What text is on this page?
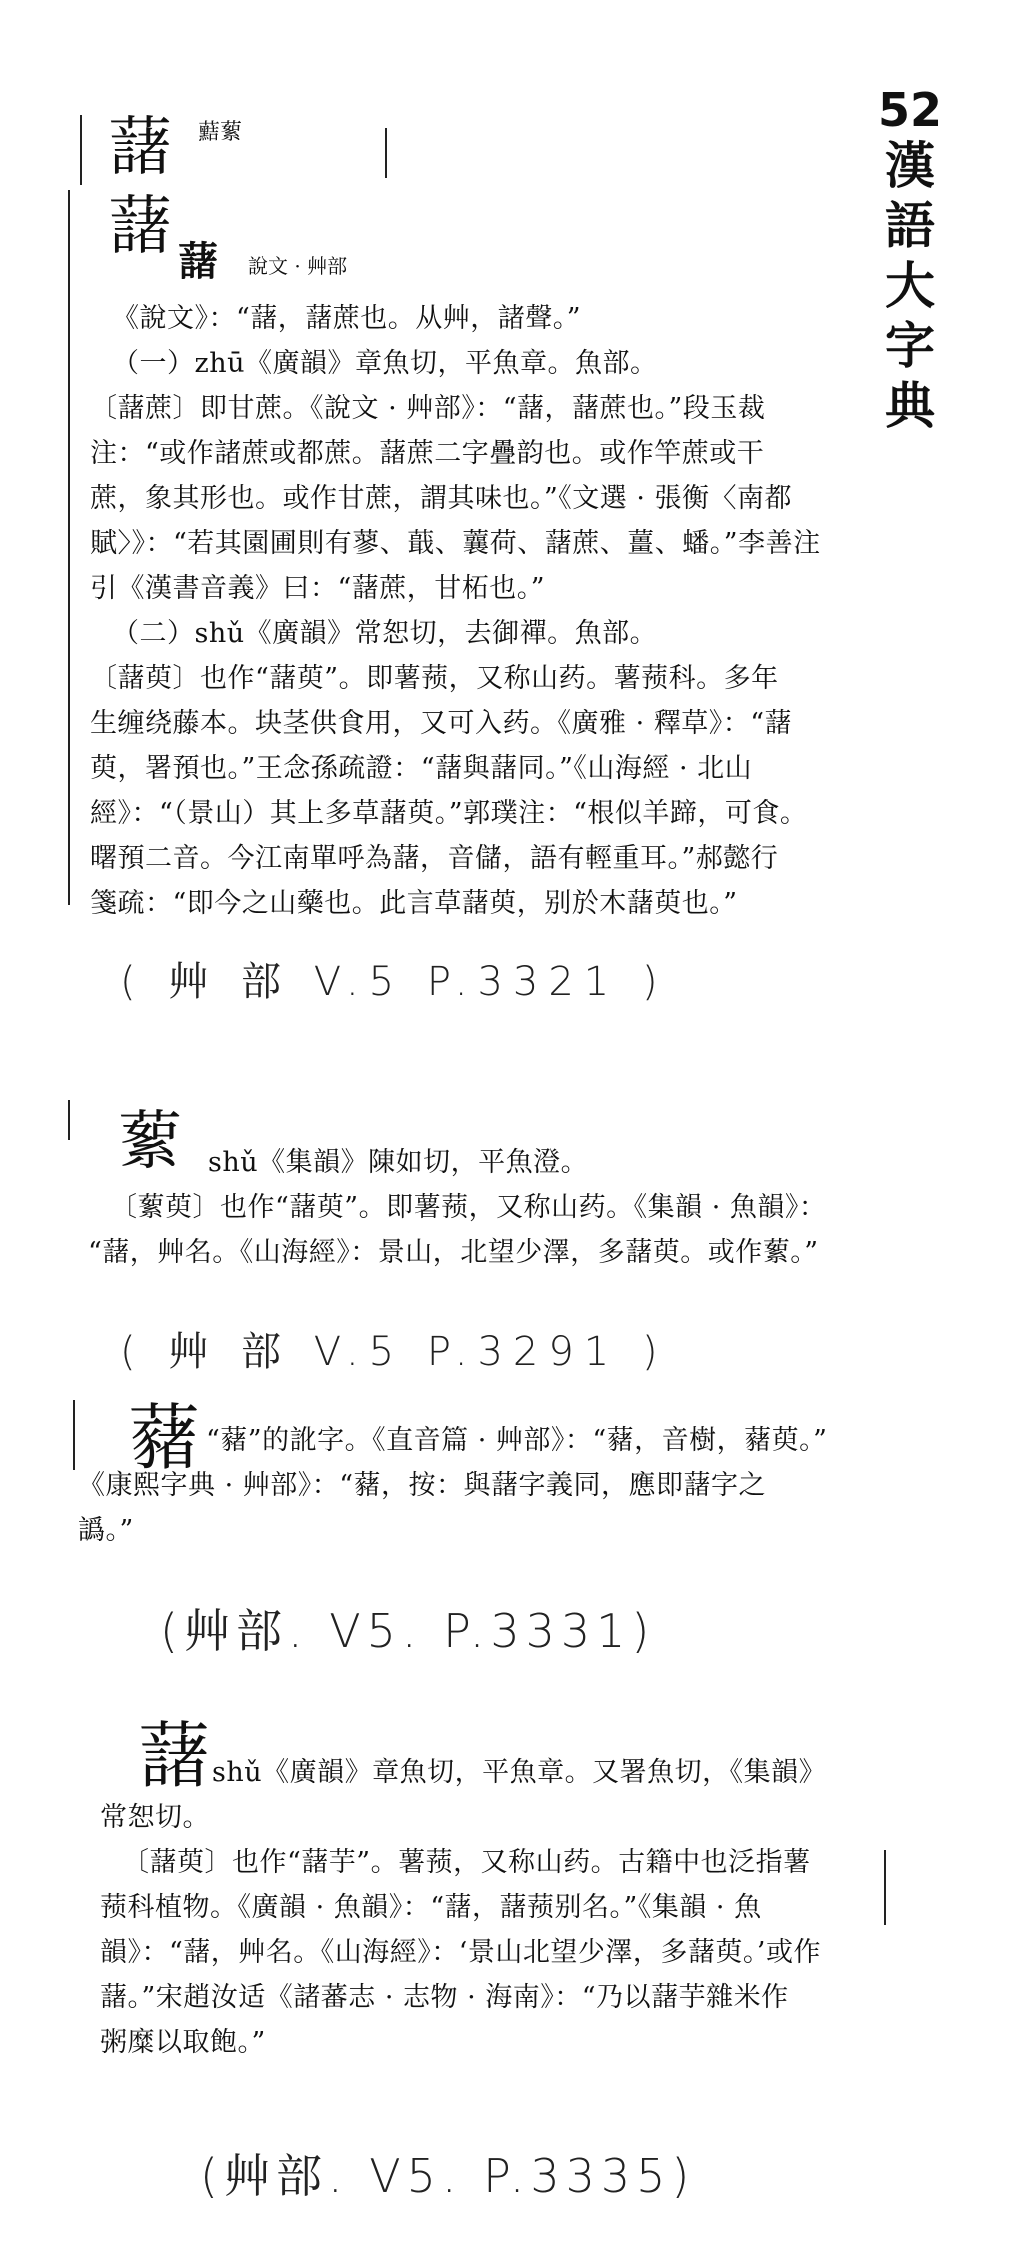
52
漢
語
大
字
典
藷 䕸蕠
藷 藷 說文 · 艸部
《說文》：“藷，藷蔗也。从艸，諸聲。”
（一）zhū《廣韻》章魚切，平魚章。魚部。
〔藷蔗〕即甘蔗。《說文 · 艸部》：“藷，藷蔗也。”段玉裁
注：“或作諸蔗或都蔗。藷蔗二字疊韵也。或作竿蔗或干
蔗，象其形也。或作甘蔗，謂其味也。”《文選 · 張衡〈南都
賦〉》：“若其園圃則有蓼、蕺、蘘荷、藷蔗、薑、蟠。”李善注
引《漢書音義》曰：“藷蔗，甘柘也。”
（二）shǔ《廣韻》常恕切，去御禪。魚部。
〔藷萸〕也作“藷萸”。即薯蓣，又称山药。薯蓣科。多年
生缠绕藤本。块茎供食用，又可入药。《廣雅 · 釋草》：“藷
萸，署預也。”王念孫疏證：“藷與藷同。”《山海經 · 北山
經》：“（景山）其上多草藷萸。”郭璞注：“根似羊蹄，可食。
曙預二音。今江南單呼為藷，音儲，語有輕重耳。”郝懿行
箋疏：“即今之山藥也。此言草藷萸，别於木藷萸也。”
( 艸 部 V.5 P.3321 )
蕠 shǔ《集韻》陳如切，平魚澄。
〔蕠萸〕也作“藷萸”。即薯蓣，又称山药。《集韻 · 魚韻》：
“藷，艸名。《山海經》：景山，北望少澤，多藷萸。或作蕠。”
( 艸 部 V.5 P.3291 )
藸 “藸”的訛字。《直音篇 · 艸部》：“藸，音樹，藸萸。”
《康熙字典 · 艸部》：“藸，按：與藷字義同，應即藷字之
譌。”
(艸部. V5. P.3331)
藷 shǔ《廣韻》章魚切，平魚章。又署魚切，《集韻》
常恕切。
〔藷萸〕也作“藷芋”。薯蓣，又称山药。古籍中也泛指薯
蓣科植物。《廣韻 · 魚韻》：“藷，藷蓣别名。”《集韻 · 魚
韻》：“藷，艸名。《山海經》：‘景山北望少澤，多藷萸。’或作
藷。”宋趙汝适《諸蕃志 · 志物 · 海南》：“乃以藷芋雜米作
粥糜以取飽。”
(艸部. V5. P.3335)
